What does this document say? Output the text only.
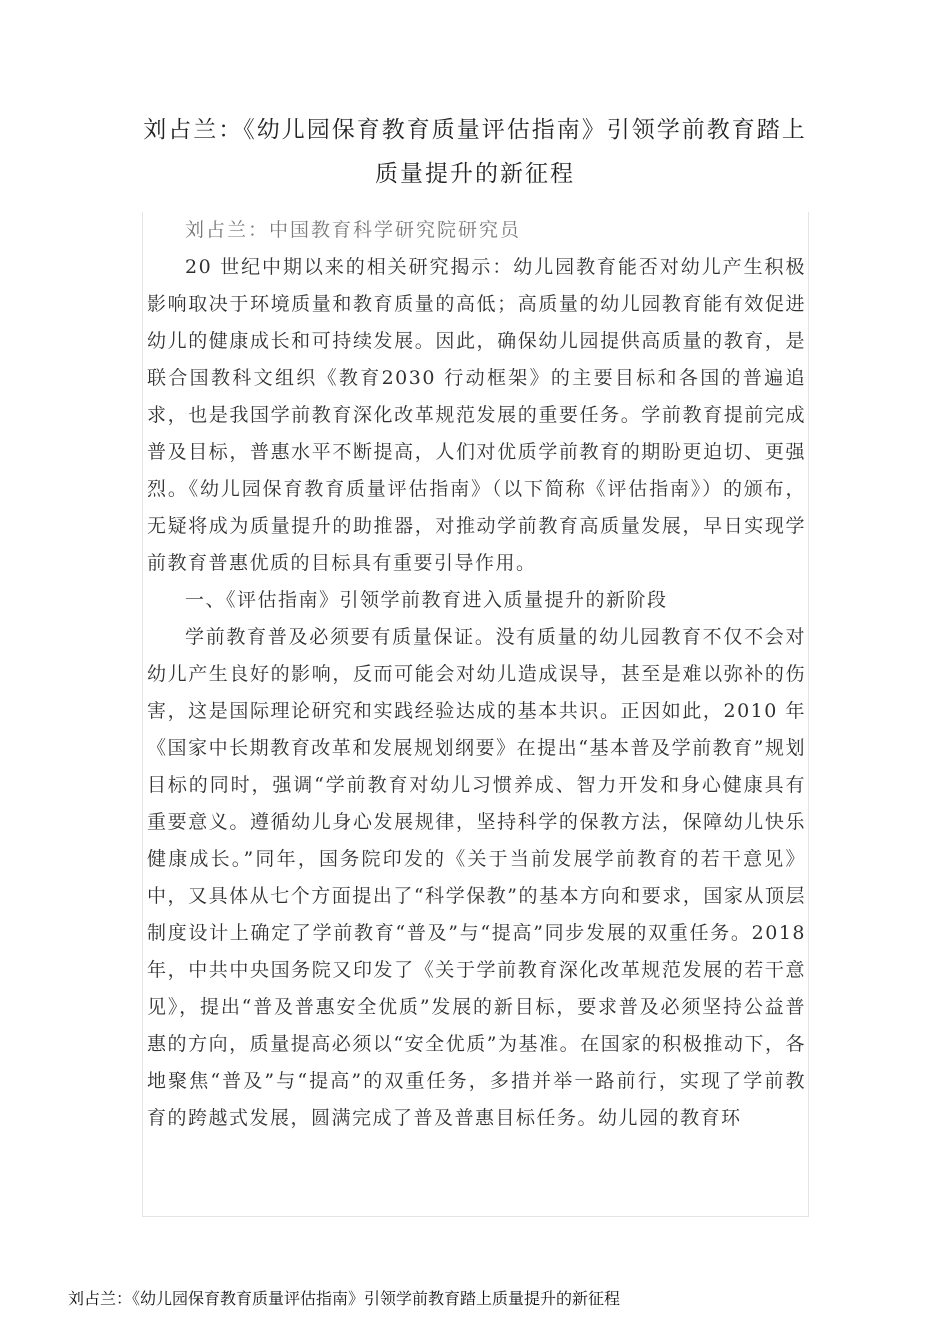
刘占兰：《幼儿园保育教育质量评估指南》引领学前教育踏上
质量提升的新征程

刘占兰：中国教育科学研究院研究员

20 世纪中期以来的相关研究揭示：幼儿园教育能否对幼儿产生积极影响取决于环境质量和教育质量的高低；高质量的幼儿园教育能有效促进幼儿的健康成长和可持续发展。因此，确保幼儿园提供高质量的教育，是联合国教科文组织《教育2030 行动框架》的主要目标和各国的普遍追求，也是我国学前教育深化改革规范发展的重要任务。学前教育提前完成普及目标，普惠水平不断提高，人们对优质学前教育的期盼更迫切、更强烈。《幼儿园保育教育质量评估指南》（以下简称《评估指南》）的颁布，无疑将成为质量提升的助推器，对推动学前教育高质量发展，早日实现学前教育普惠优质的目标具有重要引导作用。

一、《评估指南》引领学前教育进入质量提升的新阶段

学前教育普及必须要有质量保证。没有质量的幼儿园教育不仅不会对幼儿产生良好的影响，反而可能会对幼儿造成误导，甚至是难以弥补的伤害，这是国际理论研究和实践经验达成的基本共识。正因如此，2010 年《国家中长期教育改革和发展规划纲要》在提出“基本普及学前教育”规划目标的同时，强调“学前教育对幼儿习惯养成、智力开发和身心健康具有重要意义。遵循幼儿身心发展规律，坚持科学的保教方法，保障幼儿快乐健康成长。”同年，国务院印发的《关于当前发展学前教育的若干意见》中，又具体从七个方面提出了“科学保教”的基本方向和要求，国家从顶层制度设计上确定了学前教育“普及”与“提高”同步发展的双重任务。2018 年，中共中央国务院又印发了《关于学前教育深化改革规范发展的若干意见》，提出“普及普惠安全优质”发展的新目标，要求普及必须坚持公益普惠的方向，质量提高必须以“安全优质”为基准。在国家的积极推动下，各地聚焦“普及”与“提高”的双重任务，多措并举一路前行，实现了学前教育的跨越式发展，圆满完成了普及普惠目标任务。幼儿园的教育环

刘占兰：《幼儿园保育教育质量评估指南》引领学前教育踏上质量提升的新征程
